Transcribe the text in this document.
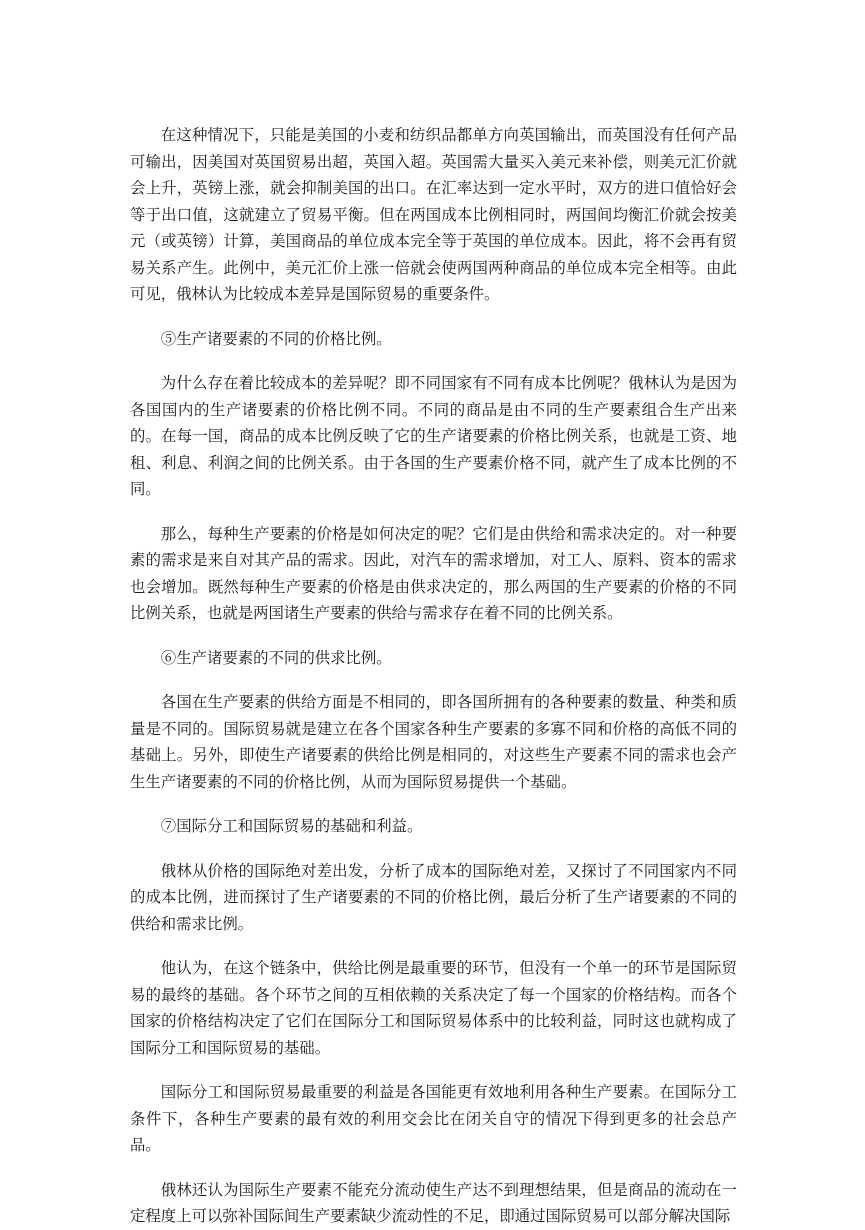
在这种情况下，只能是美国的小麦和纺织品都单方向英国输出，而英国没有任何产品可输出，因美国对英国贸易出超，英国入超。英国需大量买入美元来补偿，则美元汇价就会上升，英镑上涨，就会抑制美国的出口。在汇率达到一定水平时，双方的进口值恰好会等于出口值，这就建立了贸易平衡。但在两国成本比例相同时，两国间均衡汇价就会按美元（或英镑）计算，美国商品的单位成本完全等于英国的单位成本。因此，将不会再有贸易关系产生。此例中，美元汇价上涨一倍就会使两国两种商品的单位成本完全相等。由此可见，俄林认为比较成本差异是国际贸易的重要条件。

⑤生产诸要素的不同的价格比例。

为什么存在着比较成本的差异呢？即不同国家有不同有成本比例呢？俄林认为是因为各国国内的生产诸要素的价格比例不同。不同的商品是由不同的生产要素组合生产出来的。在每一国，商品的成本比例反映了它的生产诸要素的价格比例关系，也就是工资、地租、利息、利润之间的比例关系。由于各国的生产要素价格不同，就产生了成本比例的不同。

那么，每种生产要素的价格是如何决定的呢？它们是由供给和需求决定的。对一种要素的需求是来自对其产品的需求。因此，对汽车的需求增加，对工人、原料、资本的需求也会增加。既然每种生产要素的价格是由供求决定的，那么两国的生产要素的价格的不同比例关系，也就是两国诸生产要素的供给与需求存在着不同的比例关系。

⑥生产诸要素的不同的供求比例。

各国在生产要素的供给方面是不相同的，即各国所拥有的各种要素的数量、种类和质量是不同的。国际贸易就是建立在各个国家各种生产要素的多寡不同和价格的高低不同的基础上。另外，即使生产诸要素的供给比例是相同的，对这些生产要素不同的需求也会产生生产诸要素的不同的价格比例，从而为国际贸易提供一个基础。

⑦国际分工和国际贸易的基础和利益。

俄林从价格的国际绝对差出发，分析了成本的国际绝对差，又探讨了不同国家内不同的成本比例，进而探讨了生产诸要素的不同的价格比例，最后分析了生产诸要素的不同的供给和需求比例。

他认为，在这个链条中，供给比例是最重要的环节，但没有一个单一的环节是国际贸易的最终的基础。各个环节之间的互相依赖的关系决定了每一个国家的价格结构。而各个国家的价格结构决定了它们在国际分工和国际贸易体系中的比较利益，同时这也就构成了国际分工和国际贸易的基础。

国际分工和国际贸易最重要的利益是各国能更有效地利用各种生产要素。在国际分工条件下，各种生产要素的最有效的利用交会比在闭关自守的情况下得到更多的社会总产品。

俄林还认为国际生产要素不能充分流动使生产达不到理想结果，但是商品的流动在一定程度上可以弥补国际间生产要素缺少流动性的不足，即通过国际贸易可以部分解决国际
